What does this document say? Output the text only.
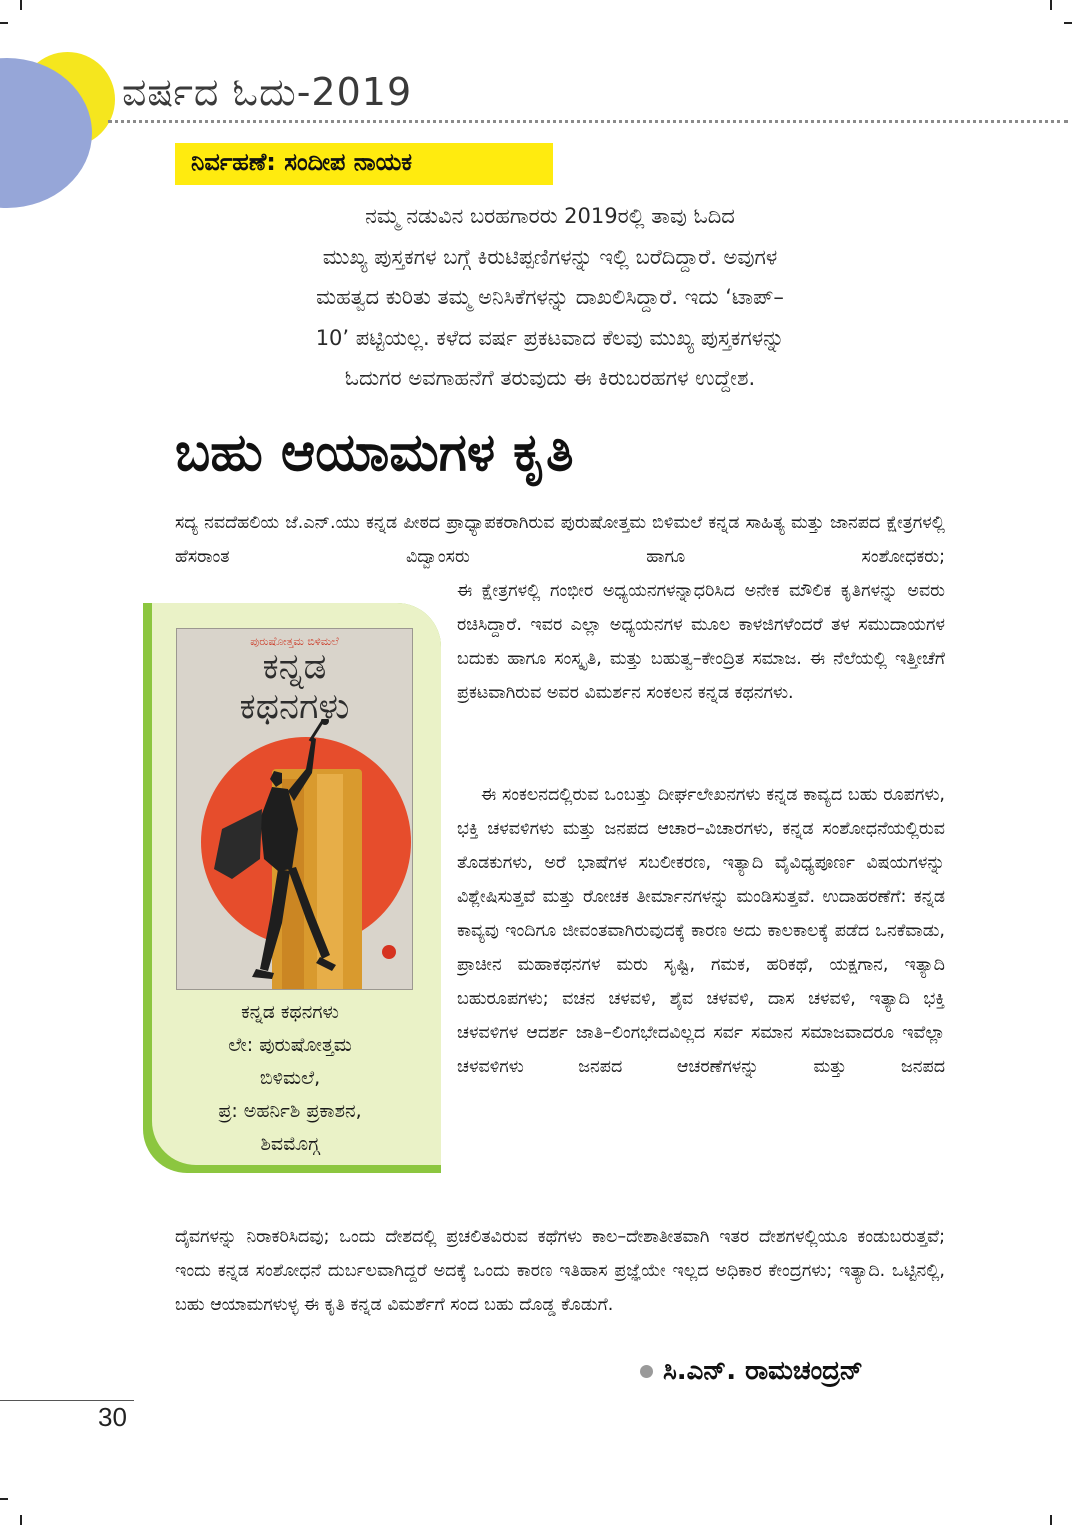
ವರ್ಷದ ಓದು-2019
ನಿರ್ವಹಣೆ: ಸಂದೀಪ ನಾಯಕ
ನಮ್ಮ ನಡುವಿನ ಬರಹಗಾರರು 2019ರಲ್ಲಿ ತಾವು ಓದಿದ
ಮುಖ್ಯ ಪುಸ್ತಕಗಳ ಬಗ್ಗೆ ಕಿರುಟಿಪ್ಪಣಿಗಳನ್ನು ಇಲ್ಲಿ ಬರೆದಿದ್ದಾರೆ. ಅವುಗಳ
ಮಹತ್ವದ ಕುರಿತು ತಮ್ಮ ಅನಿಸಿಕೆಗಳನ್ನು ದಾಖಲಿಸಿದ್ದಾರೆ. ಇದು ‘ಟಾಪ್–
10’ ಪಟ್ಟಿಯಲ್ಲ. ಕಳೆದ ವರ್ಷ ಪ್ರಕಟವಾದ ಕೆಲವು ಮುಖ್ಯ ಪುಸ್ತಕಗಳನ್ನು
ಓದುಗರ ಅವಗಾಹನೆಗೆ ತರುವುದು ಈ ಕಿರುಬರಹಗಳ ಉದ್ದೇಶ.
ಬಹು ಆಯಾಮಗಳ ಕೃತಿ

ಸದ್ಯ ನವದೆಹಲಿಯ ಜೆ.ಎನ್.ಯು ಕನ್ನಡ ಪೀಠದ ಪ್ರಾಧ್ಯಾಪಕರಾಗಿರುವ ಪುರುಷೋತ್ತಮ ಬಿಳಿಮಲೆ ಕನ್ನಡ ಸಾಹಿತ್ಯ ಮತ್ತು ಜಾನಪದ ಕ್ಷೇತ್ರಗಳಲ್ಲಿ ಹೆಸರಾಂತ ವಿದ್ವಾಂಸರು ಹಾಗೂ ಸಂಶೋಧಕರು;

ಈ ಕ್ಷೇತ್ರಗಳಲ್ಲಿ ಗಂಭೀರ ಅಧ್ಯಯನಗಳನ್ನಾಧರಿಸಿದ ಅನೇಕ ಮೌಲಿಕ ಕೃತಿಗಳನ್ನು ಅವರು ರಚಿಸಿದ್ದಾರೆ. ಇವರ ಎಲ್ಲಾ ಅಧ್ಯಯನಗಳ ಮೂಲ ಕಾಳಜಿಗಳೆಂದರೆ ತಳ ಸಮುದಾಯಗಳ ಬದುಕು ಹಾಗೂ ಸಂಸ್ಕೃತಿ, ಮತ್ತು ಬಹುತ್ವ–ಕೇಂದ್ರಿತ ಸಮಾಜ. ಈ ನೆಲೆಯಲ್ಲಿ ಇತ್ತೀಚೆಗೆ ಪ್ರಕಟವಾಗಿರುವ ಅವರ ವಿಮರ್ಶನ ಸಂಕಲನ ಕನ್ನಡ ಕಥನಗಳು.

ಈ ಸಂಕಲನದಲ್ಲಿರುವ ಒಂಬತ್ತು ದೀರ್ಘಲೇಖನಗಳು ಕನ್ನಡ ಕಾವ್ಯದ ಬಹು ರೂಪಗಳು, ಭಕ್ತಿ ಚಳವಳಿಗಳು ಮತ್ತು ಜನಪದ ಆಚಾರ–ವಿಚಾರಗಳು, ಕನ್ನಡ ಸಂಶೋಧನೆಯಲ್ಲಿರುವ ತೊಡಕುಗಳು, ಅರೆ ಭಾಷೆಗಳ ಸಬಲೀಕರಣ, ಇತ್ಯಾದಿ ವೈವಿಧ್ಯಪೂರ್ಣ ವಿಷಯಗಳನ್ನು ವಿಶ್ಲೇಷಿಸುತ್ತವೆ ಮತ್ತು ರೋಚಕ ತೀರ್ಮಾನಗಳನ್ನು ಮಂಡಿಸುತ್ತವೆ. ಉದಾಹರಣೆಗೆ: ಕನ್ನಡ ಕಾವ್ಯವು ಇಂದಿಗೂ ಜೀವಂತವಾಗಿರುವುದಕ್ಕೆ ಕಾರಣ ಅದು ಕಾಲಕಾಲಕ್ಕೆ ಪಡೆದ ಒನಕೆವಾಡು, ಪ್ರಾಚೀನ ಮಹಾಕಥನಗಳ ಮರು ಸೃಷ್ಟಿ, ಗಮಕ, ಹರಿಕಥೆ, ಯಕ್ಷಗಾನ, ಇತ್ಯಾದಿ ಬಹುರೂಪಗಳು; ವಚನ ಚಳವಳಿ, ಶೈವ ಚಳವಳಿ, ದಾಸ ಚಳವಳಿ, ಇತ್ಯಾದಿ ಭಕ್ತಿ ಚಳವಳಿಗಳ ಆದರ್ಶ ಜಾತಿ–ಲಿಂಗಭೇದವಿಲ್ಲದ ಸರ್ವ ಸಮಾನ ಸಮಾಜವಾದರೂ ಇವೆಲ್ಲಾ ಚಳವಳಿಗಳು ಜನಪದ ಆಚರಣೆಗಳನ್ನು ಮತ್ತು ಜನಪದ

ದೈವಗಳನ್ನು ನಿರಾಕರಿಸಿದವು; ಒಂದು ದೇಶದಲ್ಲಿ ಪ್ರಚಲಿತವಿರುವ ಕಥೆಗಳು ಕಾಲ–ದೇಶಾತೀತವಾಗಿ ಇತರ ದೇಶಗಳಲ್ಲಿಯೂ ಕಂಡುಬರುತ್ತವೆ; ಇಂದು ಕನ್ನಡ ಸಂಶೋಧನೆ ದುರ್ಬಲವಾಗಿದ್ದರೆ ಅದಕ್ಕೆ ಒಂದು ಕಾರಣ ಇತಿಹಾಸ ಪ್ರಜ್ಞೆಯೇ ಇಲ್ಲದ ಅಧಿಕಾರ ಕೇಂದ್ರಗಳು; ಇತ್ಯಾದಿ. ಒಟ್ಟಿನಲ್ಲಿ, ಬಹು ಆಯಾಮಗಳುಳ್ಳ ಈ ಕೃತಿ ಕನ್ನಡ ವಿಮರ್ಶೆಗೆ ಸಂದ ಬಹು ದೊಡ್ಡ ಕೊಡುಗೆ.

ಪುರುಷೋತ್ತಮ ಬಿಳಿಮಲೆ
ಕನ್ನಡ
ಕಥನಗಳು
ಕನ್ನಡ ಕಥನಗಳು
ಲೇ: ಪುರುಷೋತ್ತಮ
ಬಿಳಿಮಲೆ,
ಪ್ರ: ಅಹರ್ನಿಶಿ ಪ್ರಕಾಶನ,
ಶಿವಮೊಗ್ಗ
ಸಿ.ಎನ್. ರಾಮಚಂದ್ರನ್
30
